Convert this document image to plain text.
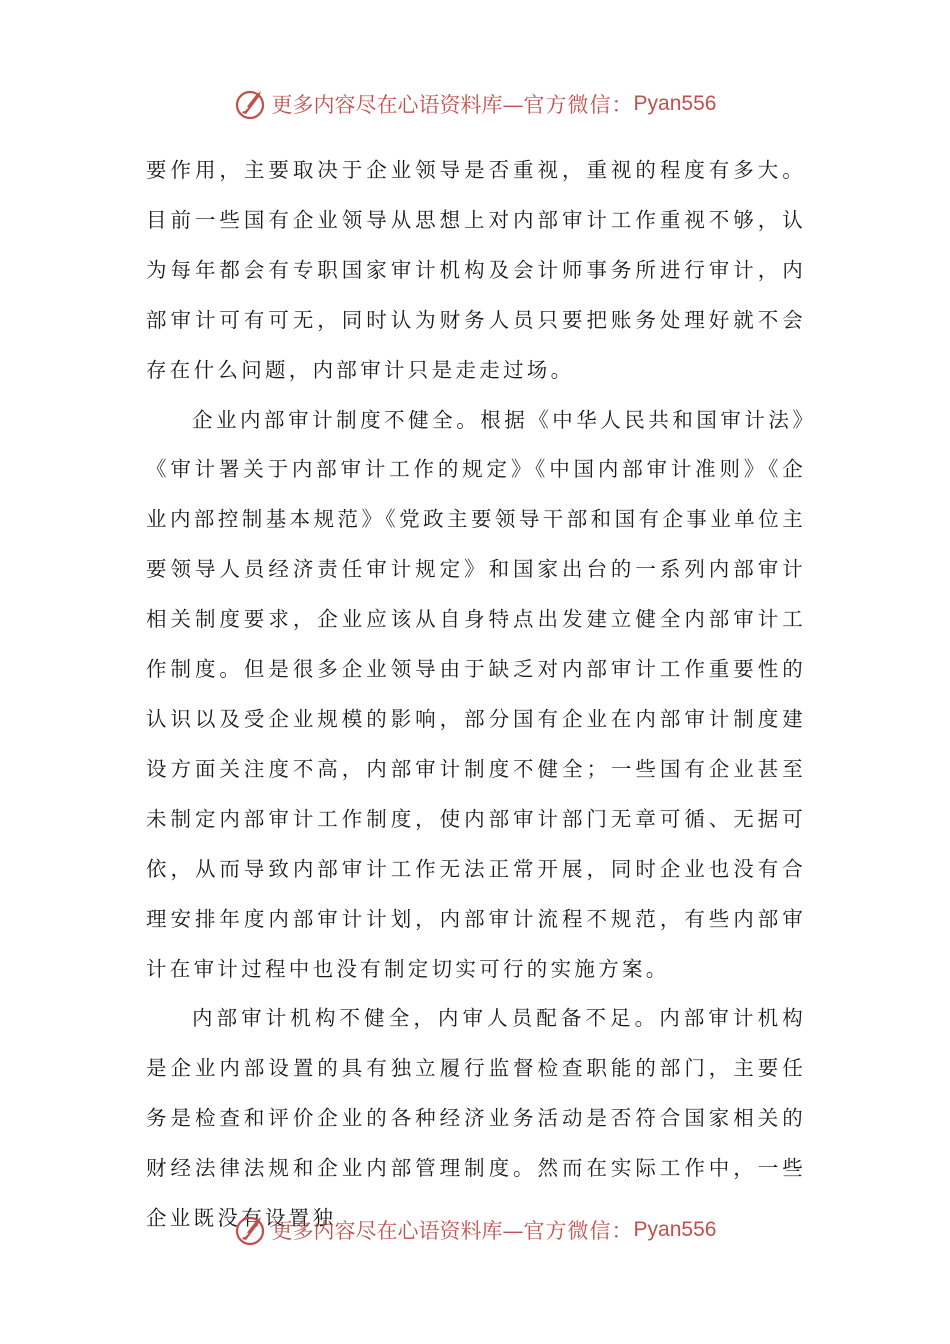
更多内容尽在心语资料库— 官方微信： Pyan556

要作用，主要取决于企业领导是否重视，重视的程度有多大。目前一些国有企业领导从思想上对内部审计工作重视不够，认为每年都会有专职国家审计机构及会计师事务所进行审计，内部审计可有可无，同时认为财务人员只要把账务处理好就不会存在什么问题，内部审计只是走走过场。

企业内部审计制度不健全。根据《中华人民共和国审计法》《审计署关于内部审计工作的规定》《中国内部审计准则》《企业内部控制基本规范》《党政主要领导干部和国有企事业单位主要领导人员经济责任审计规定》和国家出台的一系列内部审计相关制度要求，企业应该从自身特点出发建立健全内部审计工作制度。但是很多企业领导由于缺乏对内部审计工作重要性的认识以及受企业规模的影响，部分国有企业在内部审计制度建设方面关注度不高，内部审计制度不健全；一些国有企业甚至未制定内部审计工作制度，使内部审计部门无章可循、无据可依，从而导致内部审计工作无法正常开展，同时企业也没有合理安排年度内部审计计划，内部审计流程不规范，有些内部审计在审计过程中也没有制定切实可行的实施方案。

内部审计机构不健全，内审人员配备不足。内部审计机构是企业内部设置的具有独立履行监督检查职能的部门，主要任务是检查和评价企业的各种经济业务活动是否符合国家相关的财经法律法规和企业内部管理制度。然而在实际工作中，一些企业既没有设置独

更多内容尽在心语资料库— 官方微信： Pyan556
